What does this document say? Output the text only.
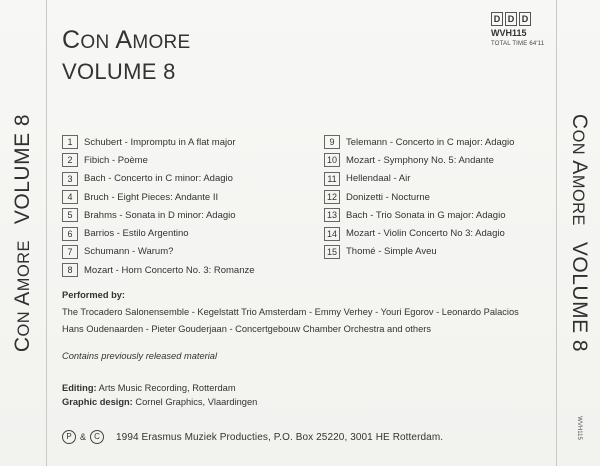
CON AMOREVOLUME 8	CON AMOREVOLUME 8
WVH115
CON AMORE
VOLUME 8
D D D
WVH115
TOTAL TIME 64'11
1	Schubert - Impromptu in A flat major
2	Fibich - Poème
3	Bach - Concerto in C minor: Adagio
4	Bruch - Eight Pieces: Andante II
5	Brahms - Sonata in D minor: Adagio
6	Barrios - Estilo Argentino
7	Schumann - Warum?
8	Mozart - Horn Concerto No. 3: Romanze
9	Telemann - Concerto in C major: Adagio
10 Mozart - Symphony No. 5: Andante
11 Hellendaal - Air
12 Donizetti - Nocturne
13 Bach - Trio Sonata in G major: Adagio
14 Mozart - Violin Concerto No 3: Adagio
15 Thomé - Simple Aveu
Performed by:
The Trocadero Salonensemble - Kegelstatt Trio Amsterdam - Emmy Verhey - Youri Egorov - Leonardo Palacios
Hans Oudenaarden - Pieter Gouderjaan - Concertgebouw Chamber Orchestra and others
Contains previously released material
Editing: Arts Music Recording, Rotterdam
Graphic design: Cornel Graphics, Vlaardingen
P &	C	1994 Erasmus Muziek Producties, P.O. Box 25220, 3001 HE Rotterdam.
